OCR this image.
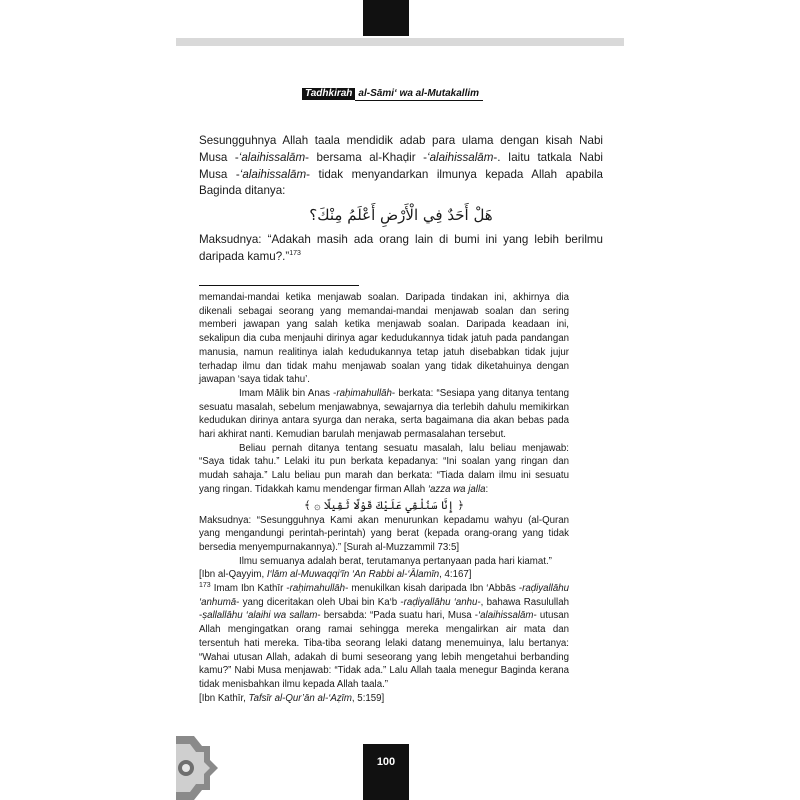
Tadhkirah al-Sāmi‘ wa al-Mutakallim
Sesungguhnya Allah taala mendidik adab para ulama dengan kisah Nabi Musa -‘alaihissalām- bersama al-Khaḍir -‘alaihissalām-. Iaitu tatkala Nabi Musa -‘alaihissalām- tidak menyandarkan ilmunya kepada Allah apabila Baginda ditanya:
هَلْ أَحَدٌ فِي الْأَرْضِ أَعْلَمُ مِنْكَ؟
Maksudnya: “Adakah masih ada orang lain di bumi ini yang lebih berilmu daripada kamu?.”$^{173}$

memandai-mandai ketika menjawab soalan. Daripada tindakan ini, akhirnya dia dikenali sebagai seorang yang memandai-mandai menjawab soalan dan sering memberi jawapan yang salah ketika menjawab soalan. Daripada keadaan ini, sekalipun dia cuba menjauhi dirinya agar kedudukannya tidak jatuh pada pandangan manusia, namun realitinya ialah kedudukannya tetap jatuh disebabkan tidak jujur terhadap ilmu dan tidak mahu menjawab soalan yang tidak diketahuinya dengan jawapan ‘saya tidak tahu’.

Imam Mālik bin Anas -raḥimahullāh- berkata: “Sesiapa yang ditanya tentang sesuatu masalah, sebelum menjawabnya, sewajarnya dia terlebih dahulu memikirkan kedudukan dirinya antara syurga dan neraka, serta bagaimana dia akan bebas pada hari akhirat nanti. Kemudian barulah menjawab permasalahan tersebut.

Beliau pernah ditanya tentang sesuatu masalah, lalu beliau menjawab: “Saya tidak tahu.” Lelaki itu pun berkata kepadanya: “Ini soalan yang ringan dan mudah sahaja.” Lalu beliau pun marah dan berkata: “Tiada dalam ilmu ini sesuatu yang ringan. Tidakkah kamu mendengar firman Allah ‘azza wa jalla:

﴿ إِنَّا سَنُلْقِي عَلَيْكَ قَوْلًا ثَقِيلًا ۞ ﴾

Maksudnya: “Sesungguhnya Kami akan menurunkan kepadamu wahyu (al-Quran yang mengandungi perintah-perintah) yang berat (kepada orang-orang yang tidak bersedia menyempurnakannya).” [Surah al-Muzzammil 73:5]

Ilmu semuanya adalah berat, terutamanya pertanyaan pada hari kiamat.”

[Ibn al-Qayyim, I‘lām al-Muwaqqi‘īn ‘An Rabbi al-‘Ālamīn, 4:167]

$^{173}$ Imam Ibn Kathīr -raḥimahullāh- menukilkan kisah daripada Ibn ‘Abbās -raḍiyallāhu ‘anhumā- yang diceritakan oleh Ubai bin Ka‘b -raḍiyallāhu ‘anhu-, bahawa Rasulullah -ṣallallāhu ‘alaihi wa sallam- bersabda: “Pada suatu hari, Musa -‘alaihissalām- utusan Allah mengingatkan orang ramai sehingga mereka mengalirkan air mata dan tersentuh hati mereka. Tiba-tiba seorang lelaki datang menemuinya, lalu bertanya: “Wahai utusan Allah, adakah di bumi seseorang yang lebih mengetahui berbanding kamu?” Nabi Musa menjawab: “Tidak ada.” Lalu Allah taala menegur Baginda kerana tidak menisbahkan ilmu kepada Allah taala.”

[Ibn Kathīr, Tafsīr al-Qur’ān al-‘Aẓīm, 5:159]

100
